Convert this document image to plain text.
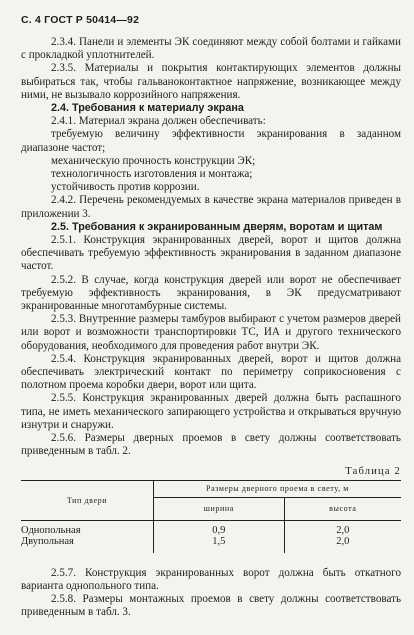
С. 4 ГОСТ Р 50414—92

2.3.4. Панели и элементы ЭК соединяют между собой болтами и гайками с прокладкой уплотнителей.

2.3.5. Материалы и покрытия контактирующих элементов должны выбираться так, чтобы гальваноконтактное напряжение, возникающее между ними, не вызывало коррозийного напряжения.

2.4. Требования к материалу экрана

2.4.1. Материал экрана должен обеспечивать:

требуемую величину эффективности экранирования в заданном диапазоне частот;

механическую прочность конструкции ЭК;

технологичность изготовления и монтажа;

устойчивость против коррозии.

2.4.2. Перечень рекомендуемых в качестве экрана материалов приведен в приложении 3.

2.5. Требования к экранированным дверям, воротам и щитам

2.5.1. Конструкция экранированных дверей, ворот и щитов должна обеспечивать требуемую эффективность экранирования в заданном диапазоне частот.

2.5.2. В случае, когда конструкция дверей или ворот не обеспечивает требуемую эффективность экранирования, в ЭК предусматривают экранированные многотамбурные системы.

2.5.3. Внутренние размеры тамбуров выбирают с учетом размеров дверей или ворот и возможности транспортировки ТС, ИА и другого технического оборудования, необходимого для проведения работ внутри ЭК.

2.5.4. Конструкция экранированных дверей, ворот и щитов должна обеспечивать электрический контакт по периметру соприкосновения с полотном проема коробки двери, ворот или щита.

2.5.5. Конструкция экранированных дверей должна быть распашного типа, не иметь механического запирающего устройства и открываться вручную изнутри и снаружи.

2.5.6. Размеры дверных проемов в свету должны соответствовать приведенным в табл. 2.

Таблица 2
Тип двери	Размеры дверного проема в свету, м	
	ширина	высота
Однопольная	0,9	2,0
Двупольная	1,5	2,0

2.5.7. Конструкция экранированных ворот должна быть откатного варианта однопольного типа.

2.5.8. Размеры монтажных проемов в свету должны соответствовать приведенным в табл. 3.
